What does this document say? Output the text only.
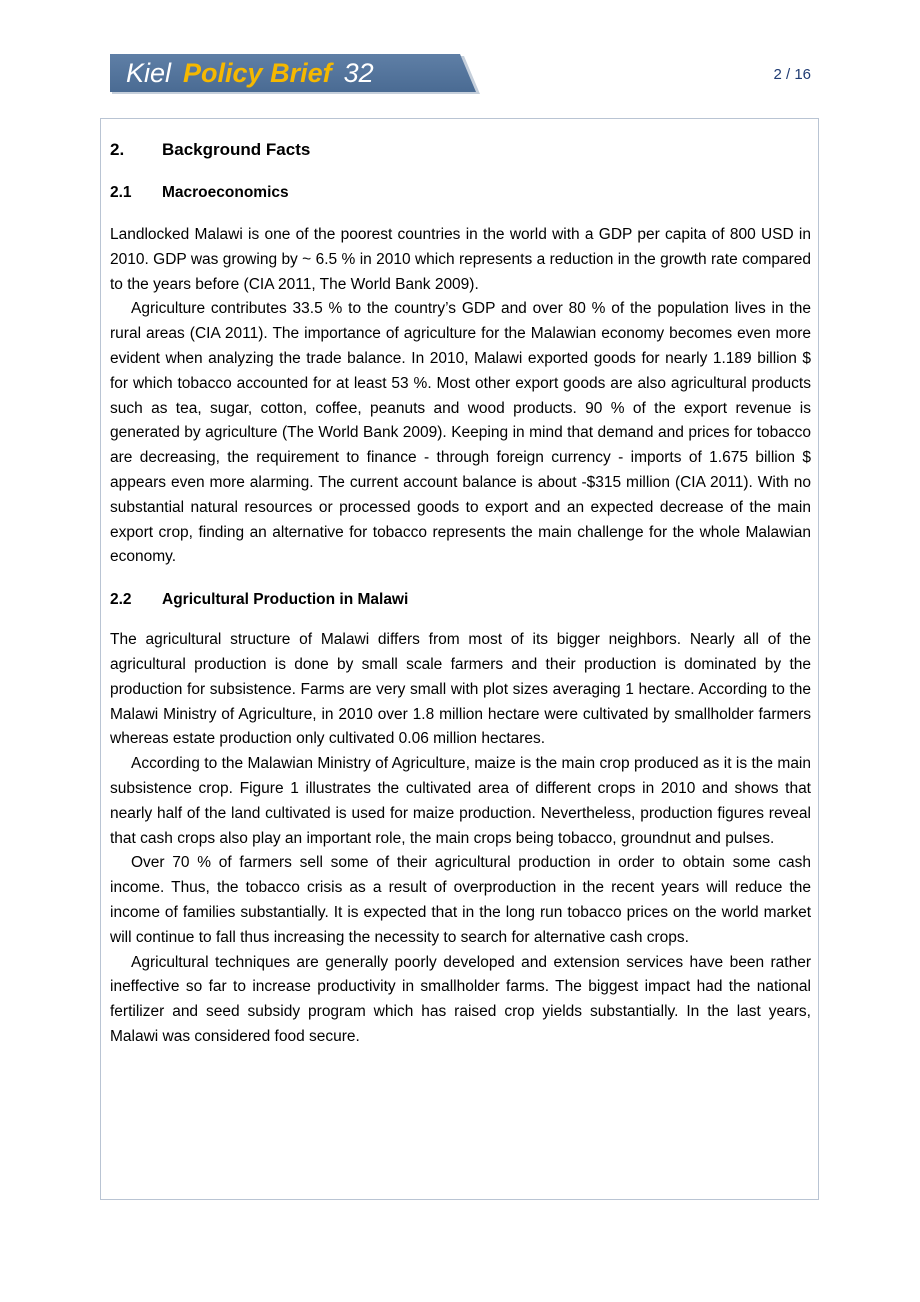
Kiel Policy Brief 32	2 / 16
2. Background Facts
2.1 Macroeconomics

Landlocked Malawi is one of the poorest countries in the world with a GDP per capita of 800 USD in 2010. GDP was growing by ~ 6.5 % in 2010 which represents a reduction in the growth rate compared to the years before (CIA 2011, The World Bank 2009).

Agriculture contributes 33.5 % to the country’s GDP and over 80 % of the population lives in the rural areas (CIA 2011). The importance of agriculture for the Malawian economy becomes even more evident when analyzing the trade balance. In 2010, Malawi exported goods for nearly 1.189 billion $ for which tobacco accounted for at least 53 %. Most other export goods are also agricultural products such as tea, sugar, cotton, coffee, peanuts and wood products. 90 % of the export revenue is generated by agriculture (The World Bank 2009). Keeping in mind that demand and prices for tobacco are decreasing, the requirement to finance - through foreign currency - imports of 1.675 billion $ appears even more alarming. The current account balance is about -$315 million (CIA 2011). With no substantial natural resources or processed goods to export and an expected decrease of the main export crop, finding an alternative for tobacco represents the main challenge for the whole Malawian economy.

2.2 Agricultural Production in Malawi

The agricultural structure of Malawi differs from most of its bigger neighbors. Nearly all of the agricultural production is done by small scale farmers and their production is dominated by the production for subsistence. Farms are very small with plot sizes averaging 1 hectare. According to the Malawi Ministry of Agriculture, in 2010 over 1.8 million hectare were cultivated by smallholder farmers whereas estate production only cultivated 0.06 million hectares.

According to the Malawian Ministry of Agriculture, maize is the main crop produced as it is the main subsistence crop. Figure 1 illustrates the cultivated area of different crops in 2010 and shows that nearly half of the land cultivated is used for maize production. Nevertheless, production figures reveal that cash crops also play an important role, the main crops being tobacco, groundnut and pulses.

Over 70 % of farmers sell some of their agricultural production in order to obtain some cash income. Thus, the tobacco crisis as a result of overproduction in the recent years will reduce the income of families substantially. It is expected that in the long run tobacco prices on the world market will continue to fall thus increasing the necessity to search for alternative cash crops.

Agricultural techniques are generally poorly developed and extension services have been rather ineffective so far to increase productivity in smallholder farms. The biggest impact had the national fertilizer and seed subsidy program which has raised crop yields substantially. In the last years, Malawi was considered food secure.
